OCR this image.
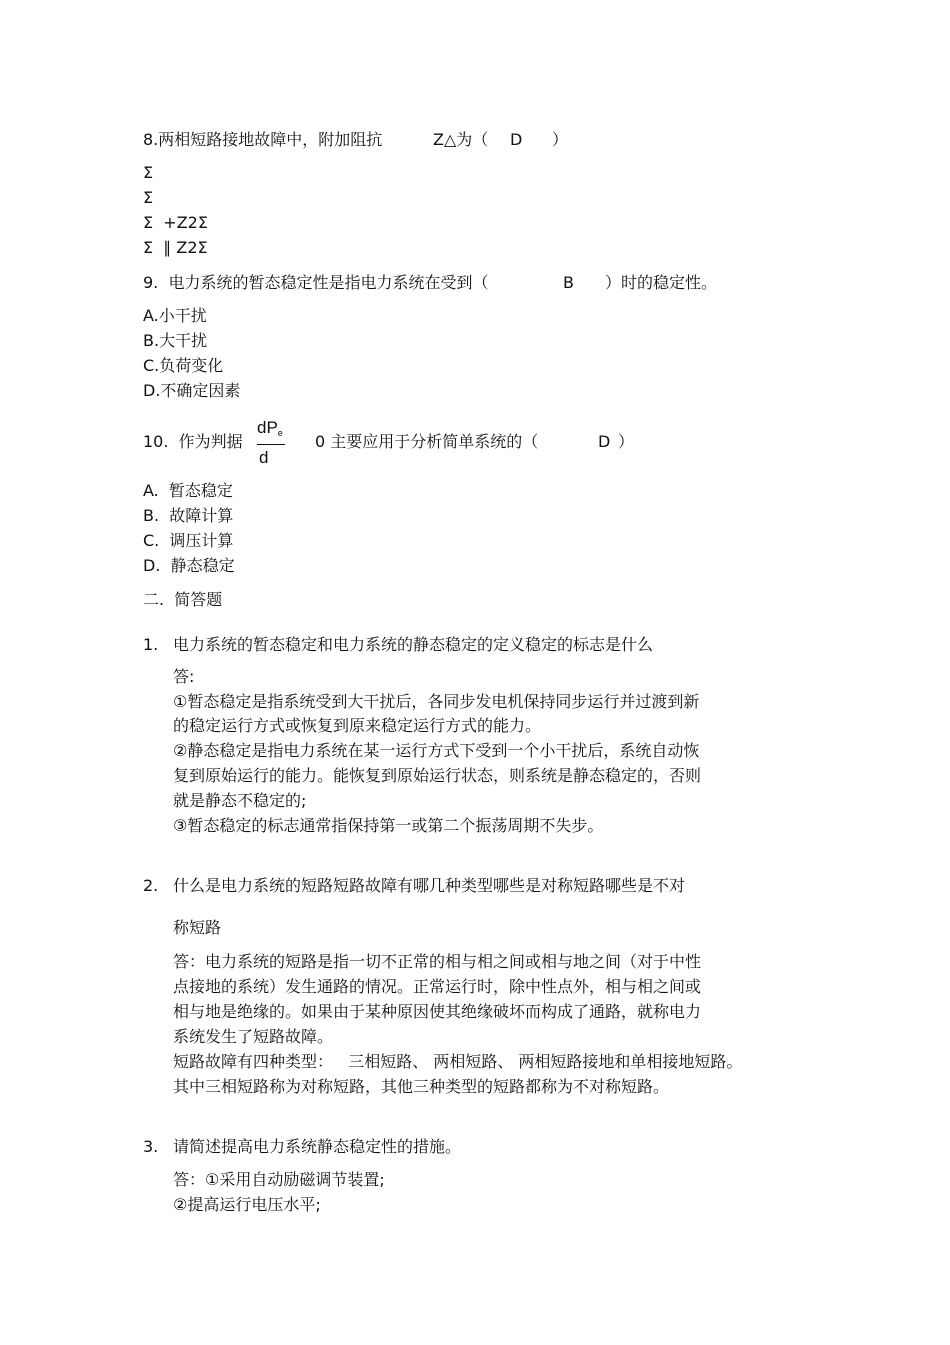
8.两相短路接地故障中，附加阻抗	Z△为（ D ）
Σ
Σ
Σ  +Z2Σ
Σ  ∥ Z2Σ
9.  电力系统的暂态稳定性是指电力系统在受到（	B ）时的稳定性。
A.小干扰
B.大干扰
C.负荷变化
D.不确定因素
10.  作为判据
dPe
d
0 主要应用于分析简单系统的（	D ）
A.  暂态稳定
B.  故障计算
C.  调压计算
D.  静态稳定
二.  简答题
1. 电力系统的暂态稳定和电力系统的静态稳定的定义稳定的标志是什么
答:
①暂态稳定是指系统受到大干扰后，各同步发电机保持同步运行并过渡到新
的稳定运行方式或恢复到原来稳定运行方式的能力。
②静态稳定是指电力系统在某一运行方式下受到一个小干扰后，系统自动恢
复到原始运行的能力。能恢复到原始运行状态，则系统是静态稳定的，否则
就是静态不稳定的;
③暂态稳定的标志通常指保持第一或第二个振荡周期不失步。
2. 什么是电力系统的短路短路故障有哪几种类型哪些是对称短路哪些是不对
称短路
答：电力系统的短路是指一切不正常的相与相之间或相与地之间（对于中性
点接地的系统）发生通路的情况。正常运行时，除中性点外，相与相之间或
相与地是绝缘的。如果由于某种原因使其绝缘破坏而构成了通路，就称电力
系统发生了短路故障。
短路故障有四种类型：   三相短路、 两相短路、 两相短路接地和单相接地短路。
其中三相短路称为对称短路，其他三种类型的短路都称为不对称短路。
3. 请简述提高电力系统静态稳定性的措施。
答：①采用自动励磁调节装置;
②提高运行电压水平;
